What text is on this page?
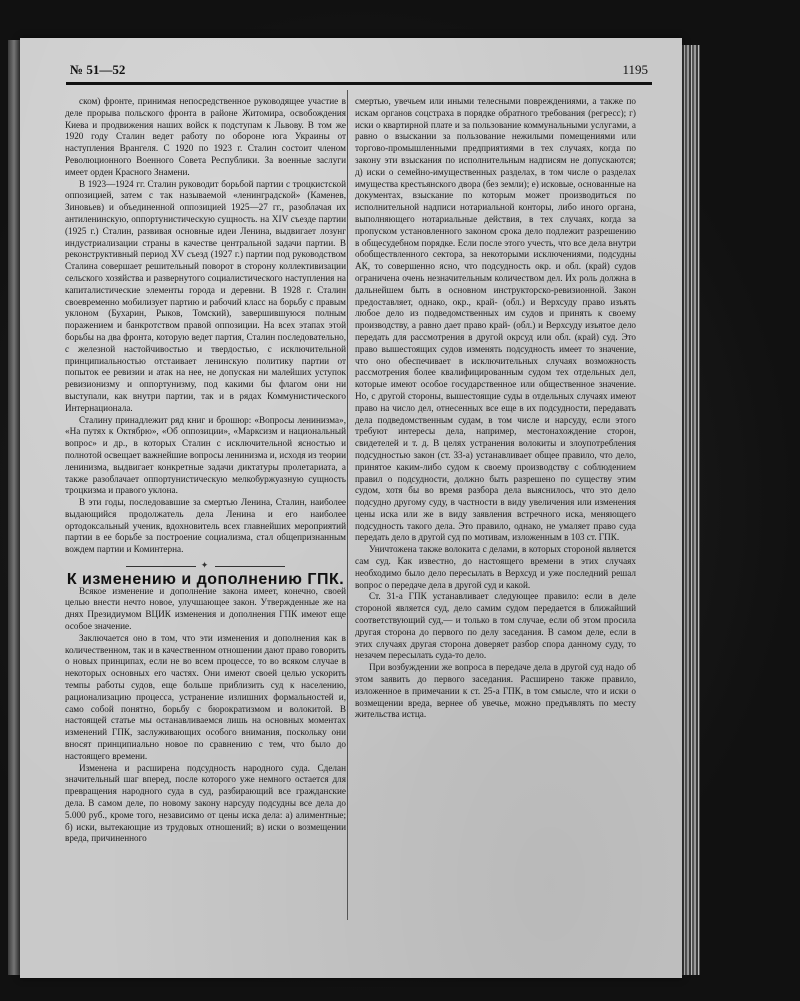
№ 51—52	1195

ском) фронте, принимая непосредственное руководящее участие в деле прорыва польского фронта в районе Житомира, освобождения Киева и продвижения наших войск к подступам к Львову. В том же 1920 году Сталин ведет работу по обороне юга Украины от наступления Врангеля. С 1920 по 1923 г. Сталин состоит членом Революционного Военного Совета Республики. За военные заслуги имеет орден Красного Знамени.

В 1923—1924 гг. Сталин руководит борьбой партии с троцкистской оппозицией, затем с так называемой «ленинградской» (Каменев, Зиновьев) и объединенной оппозицией 1925—27 гг., разоблачая их антиленинскую, оппортунистическую сущность. на XIV съезде партии (1925 г.) Сталин, развивая основные идеи Ленина, выдвигает лозунг индустриализации страны в качестве центральной задачи партии. В реконструктивный период XV съезд (1927 г.) партии под руководством Сталина совершает решительный поворот в сторону коллективизации сельского хозяйства и развернутого социалистического наступления на капиталистические элементы города и деревни. В 1928 г. Сталин своевременно мобилизует партию и рабочий класс на борьбу с правым уклоном (Бухарин, Рыков, Томский), завершившуюся полным поражением и банкротством правой оппозиции. На всех этапах этой борьбы на два фронта, которую ведет партия, Сталин последовательно, с железной настойчивостью и твердостью, с исключительной принципиальностью отстаивает ленинскую политику партии от попыток ее ревизии и атак на нее, не допуская ни малейших уступок ревизионизму и оппортунизму, под какими бы флагом они ни выступали, как внутри партии, так и в рядах Коммунистического Интернационала.

Сталину принадлежит ряд книг и брошюр: «Вопросы ленинизма», «На путях к Октябрю», «Об оппозиции», «Марксизм и национальный вопрос» и др., в которых Сталин с исключительной ясностью и полнотой освещает важнейшие вопросы ленинизма и, исходя из теории ленинизма, выдвигает конкретные задачи диктатуры пролетариата, а также разоблачает оппортунистическую мелкобуржуазную сущность троцкизма и правого уклона.

В эти годы, последовавшие за смертью Ленина, Сталин, наиболее выдающийся продолжатель дела Ленина и его наиболее ортодоксальный ученик, вдохновитель всех главнейших мероприятий партии в ее борьбе за построение социализма, стал общепризнанным вождем партии и Коминтерна.

✦

К изменению и дополнению ГПК.

Всякое изменение и дополнение закона имеет, конечно, своей целью внести нечто новое, улучшающее закон. Утвержденные же на днях Президиумом ВЦИК изменения и дополнения ГПК имеют еще особое значение.

Заключается оно в том, что эти изменения и дополнения как в количественном, так и в качественном отношении дают право говорить о новых принципах, если не во всем процессе, то во всяком случае в некоторых основных его частях. Они имеют своей целью ускорить темпы работы судов, еще больше приблизить суд к населению, рационализацию процесса, устранение излишних формальностей и, само собой понятно, борьбу с бюрократизмом и волокитой. В настоящей статье мы останавливаемся лишь на основных моментах изменений ГПК, заслуживающих особого внимания, поскольку они вносят принципиально новое по сравнению с тем, что было до настоящего времени.

Изменена и расширена подсудность народного суда. Сделан значительный шаг вперед, после которого уже немного остается для превращения народного суда в суд, разбирающий все гражданские дела. В самом деле, по новому закону нарсуду подсудны все дела до 5.000 руб., кроме того, независимо от цены иска дела: а) алиментные; б) иски, вытекающие из трудовых отношений; в) иски о возмещении вреда, причиненного

смертью, увечьем или иными телесными повреждениями, а также по искам органов соцстраха в порядке обратного требования (регресс); г) иски о квартирной плате и за пользование коммунальными услугами, а равно о взыскании за пользование нежилыми помещениями или торгово-промышленными предприятиями в тех случаях, когда по закону эти взыскания по исполнительным надписям не допускаются; д) иски о семейно-имущественных разделах, в том числе о разделах имущества крестьянского двора (без земли); е) исковые, основанные на документах, взыскание по которым может производиться по исполнительной надписи нотариальной конторы, либо иного органа, выполняющего нотариальные действия, в тех случаях, когда за пропуском установленного законом срока дело подлежит разрешению в общесудебном порядке. Если после этого учесть, что все дела внутри обобществленного сектора, за некоторыми исключениями, подсудны АК, то совершенно ясно, что подсудность окр. и обл. (край) судов ограничена очень незначительным количеством дел. Их роль должна в дальнейшем быть в основном инструкторско-ревизионной. Закон предоставляет, однако, окр., край- (обл.) и Верхсуду право изъять любое дело из подведомственных им судов и принять к своему производству, а равно дает право край- (обл.) и Верхсуду изъятое дело передать для рассмотрения в другой окрсуд или обл. (край) суд. Это право вышестоящих судов изменять подсудность имеет то значение, что оно обеспечивает в исключительных случаях возможность рассмотрения более квалифицированным судом тех отдельных дел, которые имеют особое государственное или общественное значение. Но, с другой стороны, вышестоящие суды в отдельных случаях имеют право на число дел, отнесенных все еще в их подсудности, передавать дела подведомственным судам, в том числе и нарсуду, если этого требуют интересы дела, например, местонахождение сторон, свидетелей и т. д. В целях устранения волокиты и злоупотребления подсудностью закон (ст. 33-а) устанавливает общее правило, что дело, принятое каким-либо судом к своему производству с соблюдением правил о подсудности, должно быть разрешено по существу этим судом, хотя бы во время разбора дела выяснилось, что это дело подсудно другому суду, в частности в виду увеличения или изменения цены иска или же в виду заявления встречного иска, меняющего подсудность такого дела. Это правило, однако, не умаляет право суда передать дело в другой суд по мотивам, изложенным в 103 ст. ГПК.

Уничтожена также волокита с делами, в которых стороной является сам суд. Как известно, до настоящего времени в этих случаях необходимо было дело пересылать в Верхсуд и уже последний решал вопрос о передаче дела в другой суд и какой.

Ст. 31-а ГПК устанавливает следующее правило: если в деле стороной является суд, дело самим судом передается в ближайший соответствующий суд,— и только в том случае, если об этом просила другая сторона до первого по делу заседания. В самом деле, если в этих случаях другая сторона доверяет разбор спора данному суду, то незачем пересылать суда-то дело.

При возбуждении же вопроса в передаче дела в другой суд надо об этом заявить до первого заседания. Расширено также правило, изложенное в примечании к ст. 25-а ГПК, в том смысле, что и иски о возмещении вреда, вернее об увечье, можно предъявлять по месту жительства истца.
